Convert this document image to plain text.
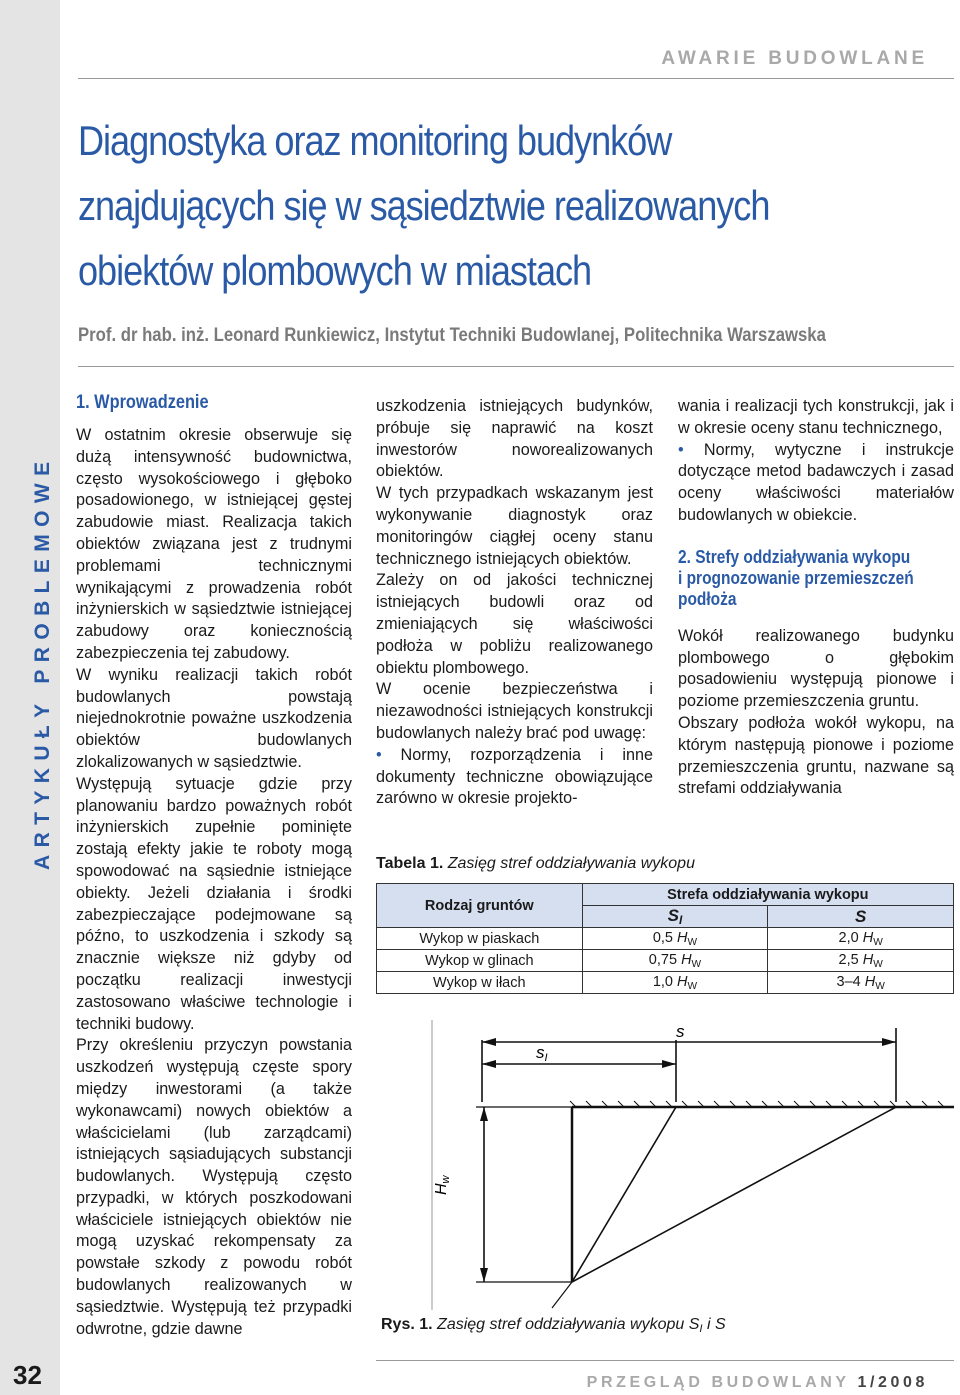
ARTYKUŁY PROBLEMOWE
32
AWARIE BUDOWLANE
Diagnostyka oraz monitoring budynków
znajdujących się w sąsiedztwie realizowanych
obiektów plombowych w miastach
Prof. dr hab. inż. Leonard Runkiewicz, Instytut Techniki Budowlanej, Politechnika Warszawska
1. Wprowadzenie

W ostatnim okresie obserwuje się dużą intensywność budownictwa, często wysokościowego i głęboko posadowionego, w istniejącej gęstej zabudowie miast. Realizacja takich obiektów związana jest z trudnymi problemami technicznymi wynikającymi z prowadzenia robót inżynierskich w sąsiedztwie istniejącej zabudowy oraz koniecznością zabezpieczenia tej zabudowy.

W wyniku realizacji takich robót budowlanych powstają niejednokrotnie poważne uszkodzenia obiektów budowlanych zlokalizowanych w sąsiedztwie.

Występują sytuacje gdzie przy planowaniu bardzo poważnych robót inżynierskich zupełnie pominięte zostają efekty jakie te roboty mogą spowodować na sąsiednie istniejące obiekty. Jeżeli działania i środki zabezpieczające podejmowane są późno, to uszkodzenia i szkody są znacznie większe niż gdyby od początku realizacji inwestycji zastosowano właściwe technologie i techniki budowy.

Przy określeniu przyczyn powstania uszkodzeń występują częste spory między inwestorami (a także wykonawcami) nowych obiektów a właścicielami (lub zarządcami) istniejących sąsiadujących substancji budowlanych. Występują często przypadki, w których poszkodowani właściciele istniejących obiektów nie mogą uzyskać rekompensaty za powstałe szkody z powodu robót budowlanych realizowanych w sąsiedztwie. Występują też przypadki odwrotne, gdzie dawne

uszkodzenia istniejących budynków, próbuje się naprawić na koszt inwestorów noworealizowanych obiektów.

W tych przypadkach wskazanym jest wykonywanie diagnostyk oraz monitoringów ciągłej oceny stanu technicznego istniejących obiektów.

Zależy on od jakości technicznej istniejących budowli oraz od zmieniających się właściwości podłoża w pobliżu realizowanego obiektu plombowego.

W ocenie bezpieczeństwa i niezawodności istniejących konstrukcji budowlanych należy brać pod uwagę:

• Normy, rozporządzenia i inne dokumenty techniczne obowiązujące zarówno w okresie projekto-

wania i realizacji tych konstrukcji, jak i w okresie oceny stanu technicznego,

• Normy, wytyczne i instrukcje dotyczące metod badawczych i zasad oceny właściwości materiałów budowlanych w obiekcie.

2. Strefy oddziaływania wykopu
i prognozowanie przemieszczeń
podłoża

Wokół realizowanego budynku plombowego o głębokim posadowieniu występują pionowe i poziome przemieszczenia gruntu.

Obszary podłoża wokół wykopu, na którym następują pionowe i poziome przemieszczenia gruntu, nazwane są strefami oddziaływania

Tabela 1. Zasięg stref oddziaływania wykopu
Rodzaj gruntów	Strefa oddziaływania wykopu	
	$S_I$	S
Wykop w piaskach	0,5 $H_W$	2,0 $H_W$
Wykop w glinach	0,75 $H_W$	2,5 $H_W$
Wykop w iłach	1,0 $H_W$	3–4 $H_W$
s
sI
Hw
Rys. 1. Zasięg stref oddziaływania wykopu $S_I$ i S
PRZEGLĄD BUDOWLANY 1/2008
